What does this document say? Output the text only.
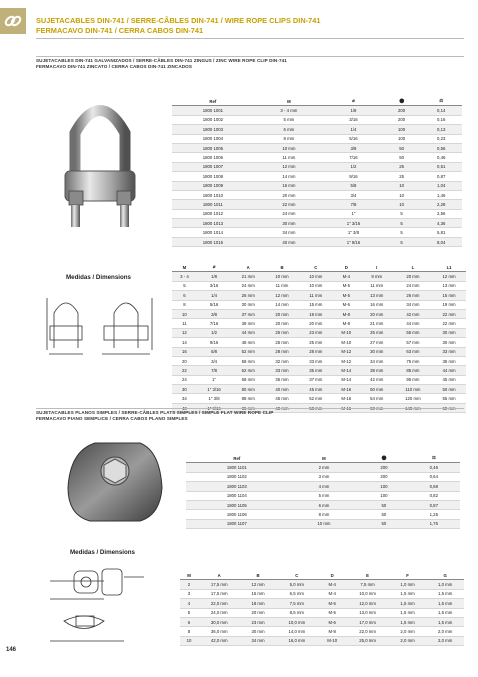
SUJETACABLES DIN-741 / SERRE-CÂBLES DIN-741 / WIRE ROPE CLIPS DIN-741
FERMACAVO DIN-741 / CERRA CABOS DIN-741
SUJETACABLES DIN-741 GALVANIZADOS / SERRE-CÂBLES DIN-741 ZINGUS / ZINC WIRE ROPE CLIP DIN-741
FERMACAVO DIN-741 ZINCATO / CERRA CABOS DIN-741 ZINCADOS
Ref	M	⌀	⬤	⚖
1800 1001	3 - 4 mm	1/8	200	0,14
1800 1002	5 mm	3/16	200	0,16
1800 1003	6 mm	1/4	100	0,13
1800 1004	8 mm	5/16	100	0,23
1800 1005	10 mm	3/8	50	0,56
1800 1006	11 mm	7/16	50	0,46
1800 1007	12 mm	1/2	25	0,51
1800 1008	14 mm	9/16	25	0,87
1800 1009	16 mm	5/8	10	1,04
1800 1010	20 mm	3/4	10	1,46
1800 1011	22 mm	7/8	10	2,28
1800 1012	24 mm	1"	5	2,56
1800 1013	30 mm	1" 3/16	5	4,36
1800 1014	34 mm	1" 3/8	5	5,81
1800 1015	40 mm	1" 9/16	5	8,04
Medidas / Dimensions
M	⌀	A	B	C	D	I	L	L1
3 - 4	1/8	21 mm	10 mm	10 mm	M-4	9 mm	20 mm	12 mm
5	3/16	24 mm	11 mm	10 mm	M-5	11 mm	24 mm	13 mm
6	1/4	26 mm	12 mm	11 mm	M-5	13 mm	26 mm	15 mm
8	5/16	30 mm	14 mm	15 mm	M-6	16 mm	34 mm	19 mm
10	3/8	37 mm	20 mm	19 mm	M-8	20 mm	42 mm	22 mm
11	7/16	38 mm	20 mm	20 mm	M-8	21 mm	44 mm	22 mm
12	1/2	44 mm	25 mm	23 mm	M-10	25 mm	55 mm	30 mm
14	9/16	48 mm	25 mm	25 mm	M-10	27 mm	57 mm	30 mm
16	5/8	52 mm	28 mm	28 mm	M-12	30 mm	63 mm	33 mm
20	3/4	58 mm	32 mm	33 mm	M-12	34 mm	75 mm	35 mm
22	7/8	62 mm	33 mm	35 mm	M-14	38 mm	85 mm	44 mm
24	1"	68 mm	35 mm	37 mm	M-14	42 mm	95 mm	45 mm
30	1" 3/16	80 mm	40 mm	45 mm	M-16	50 mm	110 mm	50 mm
34	1" 3/8	88 mm	45 mm	52 mm	M-16	54 mm	120 mm	55 mm
40	1" 9/16	95 mm	48 mm	58 mm	M-16	60 mm	140 mm	60 mm
SUJETACABLES PLANOS SIMPLES / SERRE-CÂBLES PLATS SIMPLES / SIMPLE FLAT WIRE ROPE CLIP
FERMACAVO PIANO SEMPLICE / CERRA CABOS PLANO SIMPLES
Ref	M	⬤	⚖
1800 1101	2 mm	200	0,46
1800 1102	3 mm	200	0,64
1800 1103	4 mm	100	0,68
1800 1104	5 mm	100	0,82
1800 1105	6 mm	50	0,87
1800 1106	8 mm	50	1,25
1800 1107	10 mm	50	1,76
Medidas / Dimensions
M	A	B	C	D	E	F	G
2	17,5 mm	12 mm	5,0 mm	M-4	7,5 mm	1,0 mm	1,0 mm
3	17,5 mm	15 mm	6,5 mm	M-4	10,0 mm	1,5 mm	1,5 mm
4	22,0 mm	18 mm	7,5 mm	M-5	12,0 mm	1,5 mm	1,5 mm
5	24,0 mm	20 mm	8,5 mm	M-5	13,0 mm	1,5 mm	1,5 mm
6	30,0 mm	23 mm	10,0 mm	M-6	17,0 mm	1,5 mm	1,5 mm
8	36,0 mm	30 mm	14,0 mm	M-8	22,0 mm	2,0 mm	2,0 mm
10	42,0 mm	34 mm	16,0 mm	M-10	25,0 mm	2,0 mm	2,0 mm
146
